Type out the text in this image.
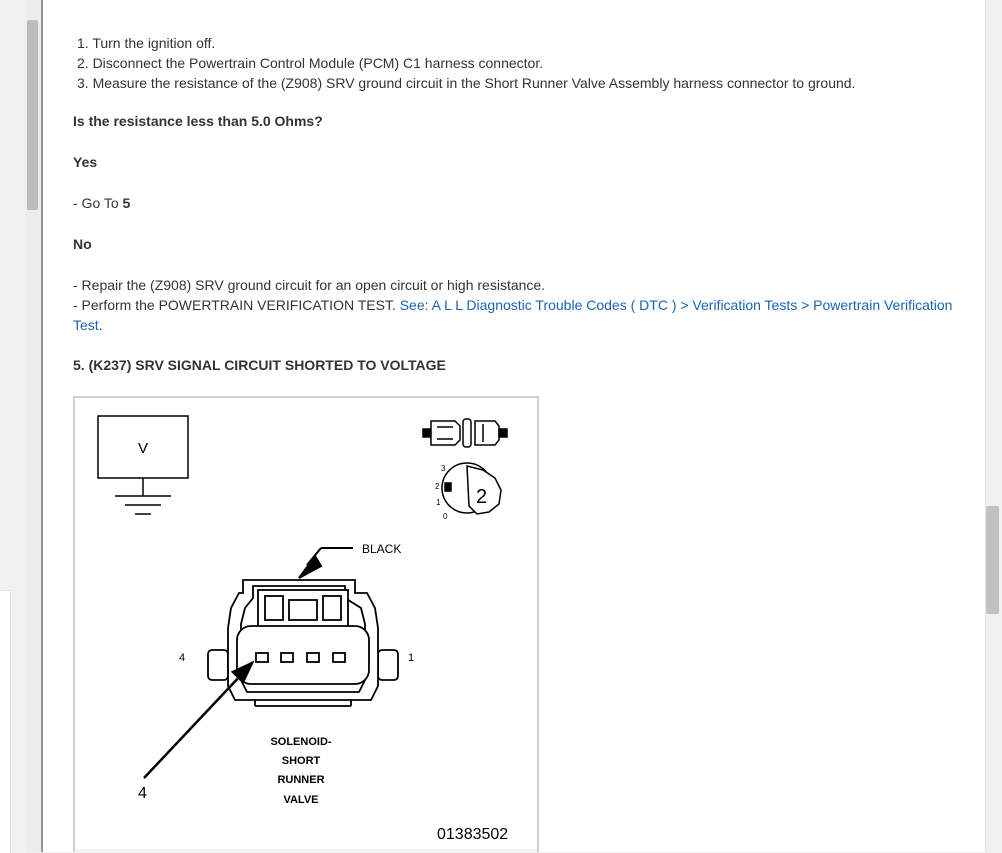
1. Turn the ignition off.
2. Disconnect the Powertrain Control Module (PCM) C1 harness connector.
3. Measure the resistance of the (Z908) SRV ground circuit in the Short Runner Valve Assembly harness connector to ground.
Is the resistance less than 5.0 Ohms?
Yes
- Go To 5
No
- Repair the (Z908) SRV ground circuit for an open circuit or high resistance.
- Perform the POWERTRAIN VERIFICATION TEST. See: A L L Diagnostic Trouble Codes ( DTC ) > Verification Tests > Powertrain Verification
Test.
5. (K237) SRV SIGNAL CIRCUIT SHORTED TO VOLTAGE
V
3
2
1
0
2
BLACK
4	1
4
SOLENOID-
SHORT
RUNNER
VALVE
01383502
